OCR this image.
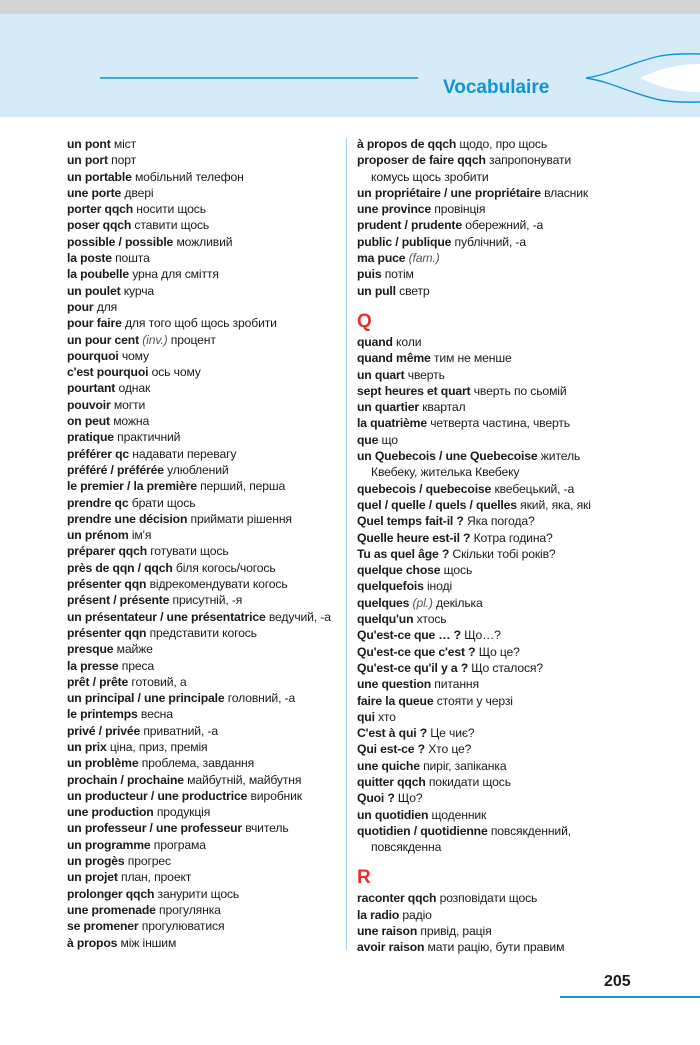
Vocabulaire
un pont міст
un port порт
un portable мобільний телефон
une porte двері
porter qqch носити щось
poser qqch ставити щось
possible / possible можливий
la poste пошта
la poubelle урна для сміття
un poulet курча
pour для
pour faire для того щоб щось зробити
un pour cent (inv.) процент
pourquoi чому
c'est pourquoi ось чому
pourtant однак
pouvoir могти
on peut можна
pratique практичний
préférer qc надавати перевагу
préféré / préférée улюблений
le premier / la première перший, перша
prendre qc брати щось
prendre une décision приймати рішення
un prénom ім'я
préparer qqch готувати щось
près de qqn / qqch біля когось/чогось
présenter qqn відрекомендувати когось
présent / présente присутній, -я
un présentateur / une présentatrice ведучий, -а
présenter qqn представити когось
presque майже
la presse преса
prêt / prête готовий, а
un principal / une principale головний, -а
le printemps весна
privé / privée приватний, -а
un prix ціна, приз, премія
un problème проблема, завдання
prochain / prochaine майбутній, майбутня
un producteur / une productrice виробник
une production продукція
un professeur / une professeur вчитель
un programme програма
un progès прогрес
un projet план, проект
prolonger qqch занурити щось
une promenade прогулянка
se promener прогулюватися
à propos між іншим
à propos de qqch щодо, про щось
proposer de faire qqch запропонувати
комусь щось зробити
un propriétaire / une propriétaire власник
une province провінція
prudent / prudente обережний, -а
public / publique публічний, -а
ma puce (fam.)
puis потім
un pull светр
Q
quand коли
quand même тим не менше
un quart чверть
sept heures et quart чверть по сьомій
un quartier квартал
la quatrième четверта частина, чверть
que що
un Quebecois / une Quebecoise житель
Квебеку, жителька Квебеку
quebecois / quebecoise квебецький, -а
quel / quelle / quels / quelles який, яка, які
Quel temps fait-il ? Яка погода?
Quelle heure est-il ? Котра година?
Tu as quel âge ? Скільки тобі років?
quelque chose щось
quelquefois іноді
quelques (pl.) декілька
quelqu'un хтось
Qu'est-ce que … ? Що…?
Qu'est-ce que c'est ? Що це?
Qu'est-ce qu'il y a ? Що сталося?
une question питання
faire la queue стояти у черзі
qui хто
C'est à qui ? Це чиє?
Qui est-ce ? Хто це?
une quiche пиріг, запіканка
quitter qqch покидати щось
Quoi ? Що?
un quotidien щоденник
quotidien / quotidienne повсякденний,
повсякденна
R
raconter qqch розповідати щось
la radio радіо
une raison привід, рація
avoir raison мати рацію, бути правим
205
